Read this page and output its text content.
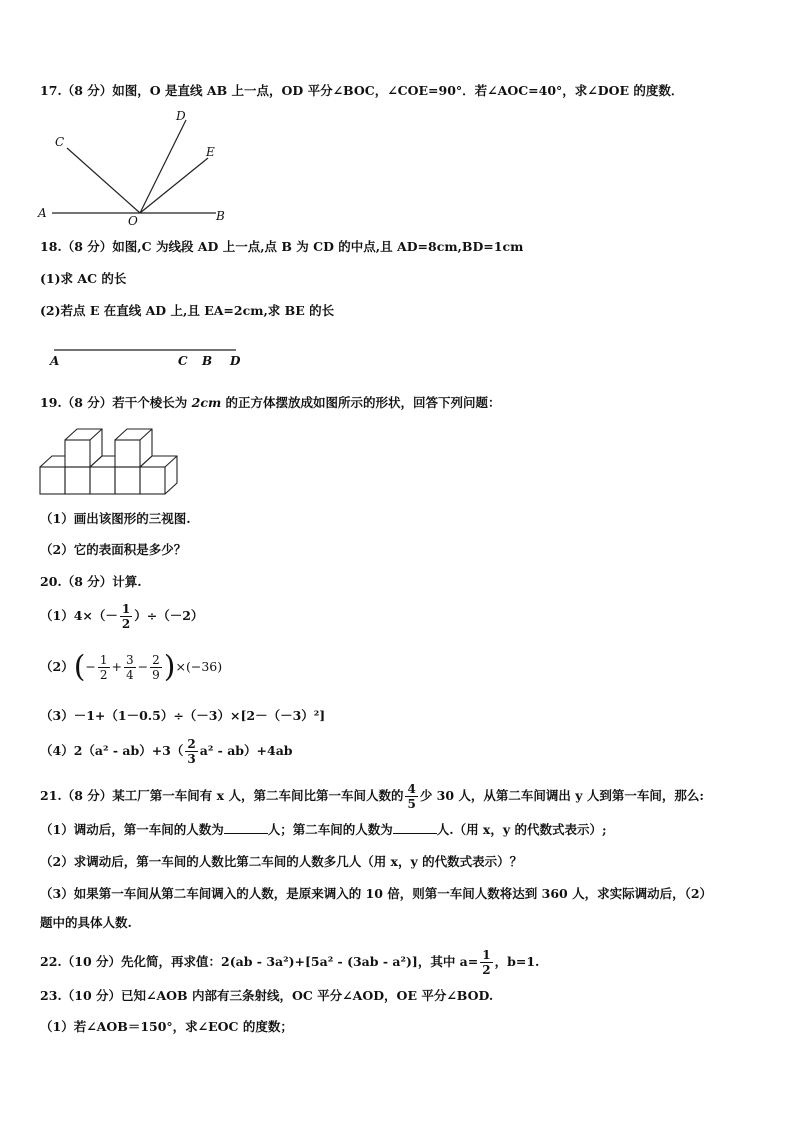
17.（8 分）如图，O 是直线 AB 上一点，OD 平分∠BOC，∠COE=90°．若∠AOC=40°，求∠DOE 的度数．
A	B
C
D
E
O
18.（8 分）如图,C 为线段 AD 上一点,点 B 为 CD 的中点,且 AD=8cm,BD=1cm
(1)求 AC 的长
(2)若点 E 在直线 AD 上,且 EA=2cm,求 BE 的长
A	C B D
19.（8 分）若干个棱长为 2cm 的正方体摆放成如图所示的形状，回答下列问题：
（1）画出该图形的三视图.
（2）它的表面积是多少？
20.（8 分）计算.
$(1)4\times(- \frac{1}{2} )\div(-2)$
$(2)(- \frac{1}{2} + \frac{3}{4} - \frac{2}{9} )\times(-36)$
（3）－1+（1－0.5）÷（－3）×[2－（－3）²]
$(4)2(a^2 - ab)+3( \frac{2}{3} a^2 - ab)+4ab$
21.（8 分）某工厂第一车间有 x 人，第二车间比第一车间人数的 $\frac{4}{5}$ 少 30 人，从第二车间调出 y 人到第一车间，那么:
（1）调动后，第一车间的人数为	人；第二车间的人数为	人.（用 x，y 的代数式表示）;
（2）求调动后，第一车间的人数比第二车间的人数多几人（用 x，y 的代数式表示）？
（3）如果第一车间从第二车间调入的人数，是原来调入的 10 倍，则第一车间人数将达到 360 人，求实际调动后，（2）
题中的具体人数.
22.（10 分）先化简，再求值：2(ab - 3a²)+[5a² - (3ab - a²)]，其中 $a= \frac{1}{2}$ ，b=1.
23.（10 分）已知∠AOB 内部有三条射线，OC 平分∠AOD，OE 平分∠BOD.
（1）若∠AOB＝150°，求∠EOC 的度数；
